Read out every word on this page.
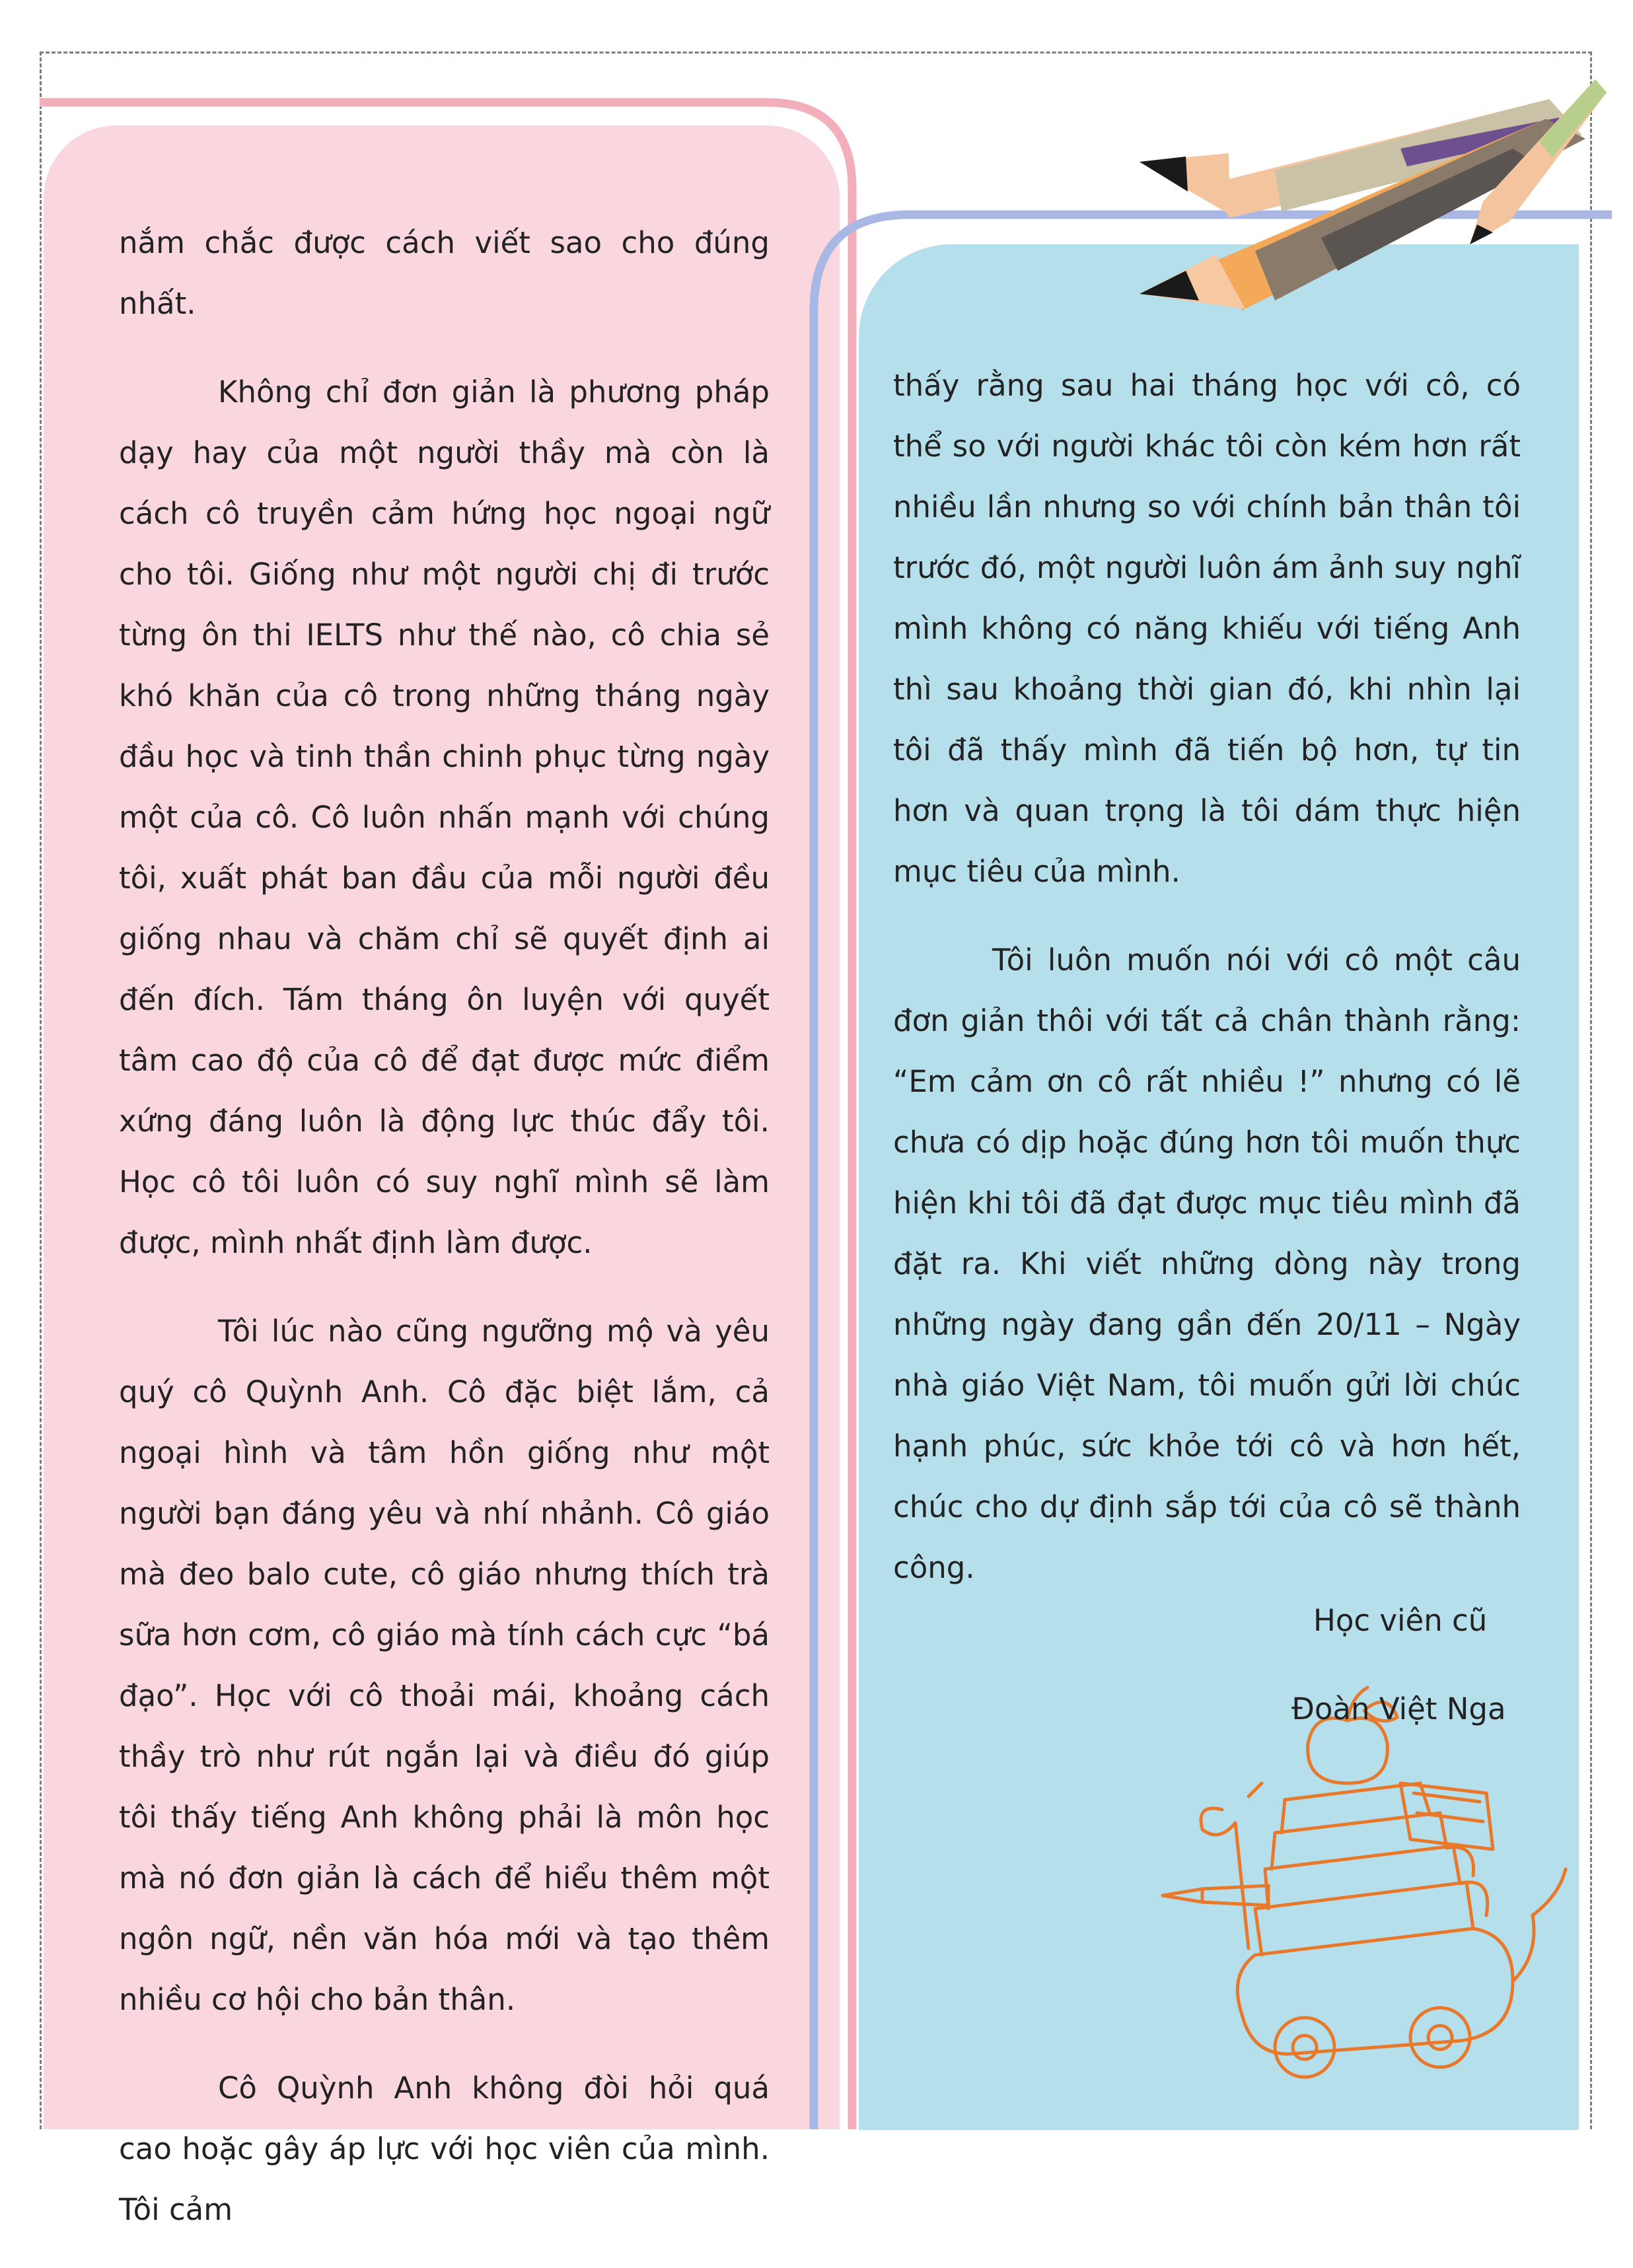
nắm chắc được cách viết sao cho đúng nhất.

Không chỉ đơn giản là phương pháp dạy hay của một người thầy mà còn là cách cô truyền cảm hứng học ngoại ngữ cho tôi. Giống như một người chị đi trước từng ôn thi IELTS như thế nào, cô chia sẻ khó khăn của cô trong những tháng ngày đầu học và tinh thần chinh phục từng ngày một của cô. Cô luôn nhấn mạnh với chúng tôi, xuất phát ban đầu của mỗi người đều giống nhau và chăm chỉ sẽ quyết định ai đến đích. Tám tháng ôn luyện với quyết tâm cao độ của cô để đạt được mức điểm xứng đáng luôn là động lực thúc đẩy tôi. Học cô tôi luôn có suy nghĩ mình sẽ làm được, mình nhất định làm được.

Tôi lúc nào cũng ngưỡng mộ và yêu quý cô Quỳnh Anh. Cô đặc biệt lắm, cả ngoại hình và tâm hồn giống như một người bạn đáng yêu và nhí nhảnh. Cô giáo mà đeo balo cute, cô giáo nhưng thích trà sữa hơn cơm, cô giáo mà tính cách cực “bá đạo”. Học với cô thoải mái, khoảng cách thầy trò như rút ngắn lại và điều đó giúp tôi thấy tiếng Anh không phải là môn học mà nó đơn giản là cách để hiểu thêm một ngôn ngữ, nền văn hóa mới và tạo thêm nhiều cơ hội cho bản thân.

Cô Quỳnh Anh không đòi hỏi quá cao hoặc gây áp lực với học viên của mình. Tôi cảm

thấy rằng sau hai tháng học với cô, có thể so với người khác tôi còn kém hơn rất nhiều lần nhưng so với chính bản thân tôi trước đó, một người luôn ám ảnh suy nghĩ mình không có năng khiếu với tiếng Anh thì sau khoảng thời gian đó, khi nhìn lại tôi đã thấy mình đã tiến bộ hơn, tự tin hơn và quan trọng là tôi dám thực hiện mục tiêu của mình.

Tôi luôn muốn nói với cô một câu đơn giản thôi với tất cả chân thành rằng: “Em cảm ơn cô rất nhiều !” nhưng có lẽ chưa có dịp hoặc đúng hơn tôi muốn thực hiện khi tôi đã đạt được mục tiêu mình đã đặt ra. Khi viết những dòng này trong những ngày đang gần đến 20/11 – Ngày nhà giáo Việt Nam, tôi muốn gửi lời chúc hạnh phúc, sức khỏe tới cô và hơn hết, chúc cho dự định sắp tới của cô sẽ thành công.

Học viên cũ
Đoàn Việt Nga
